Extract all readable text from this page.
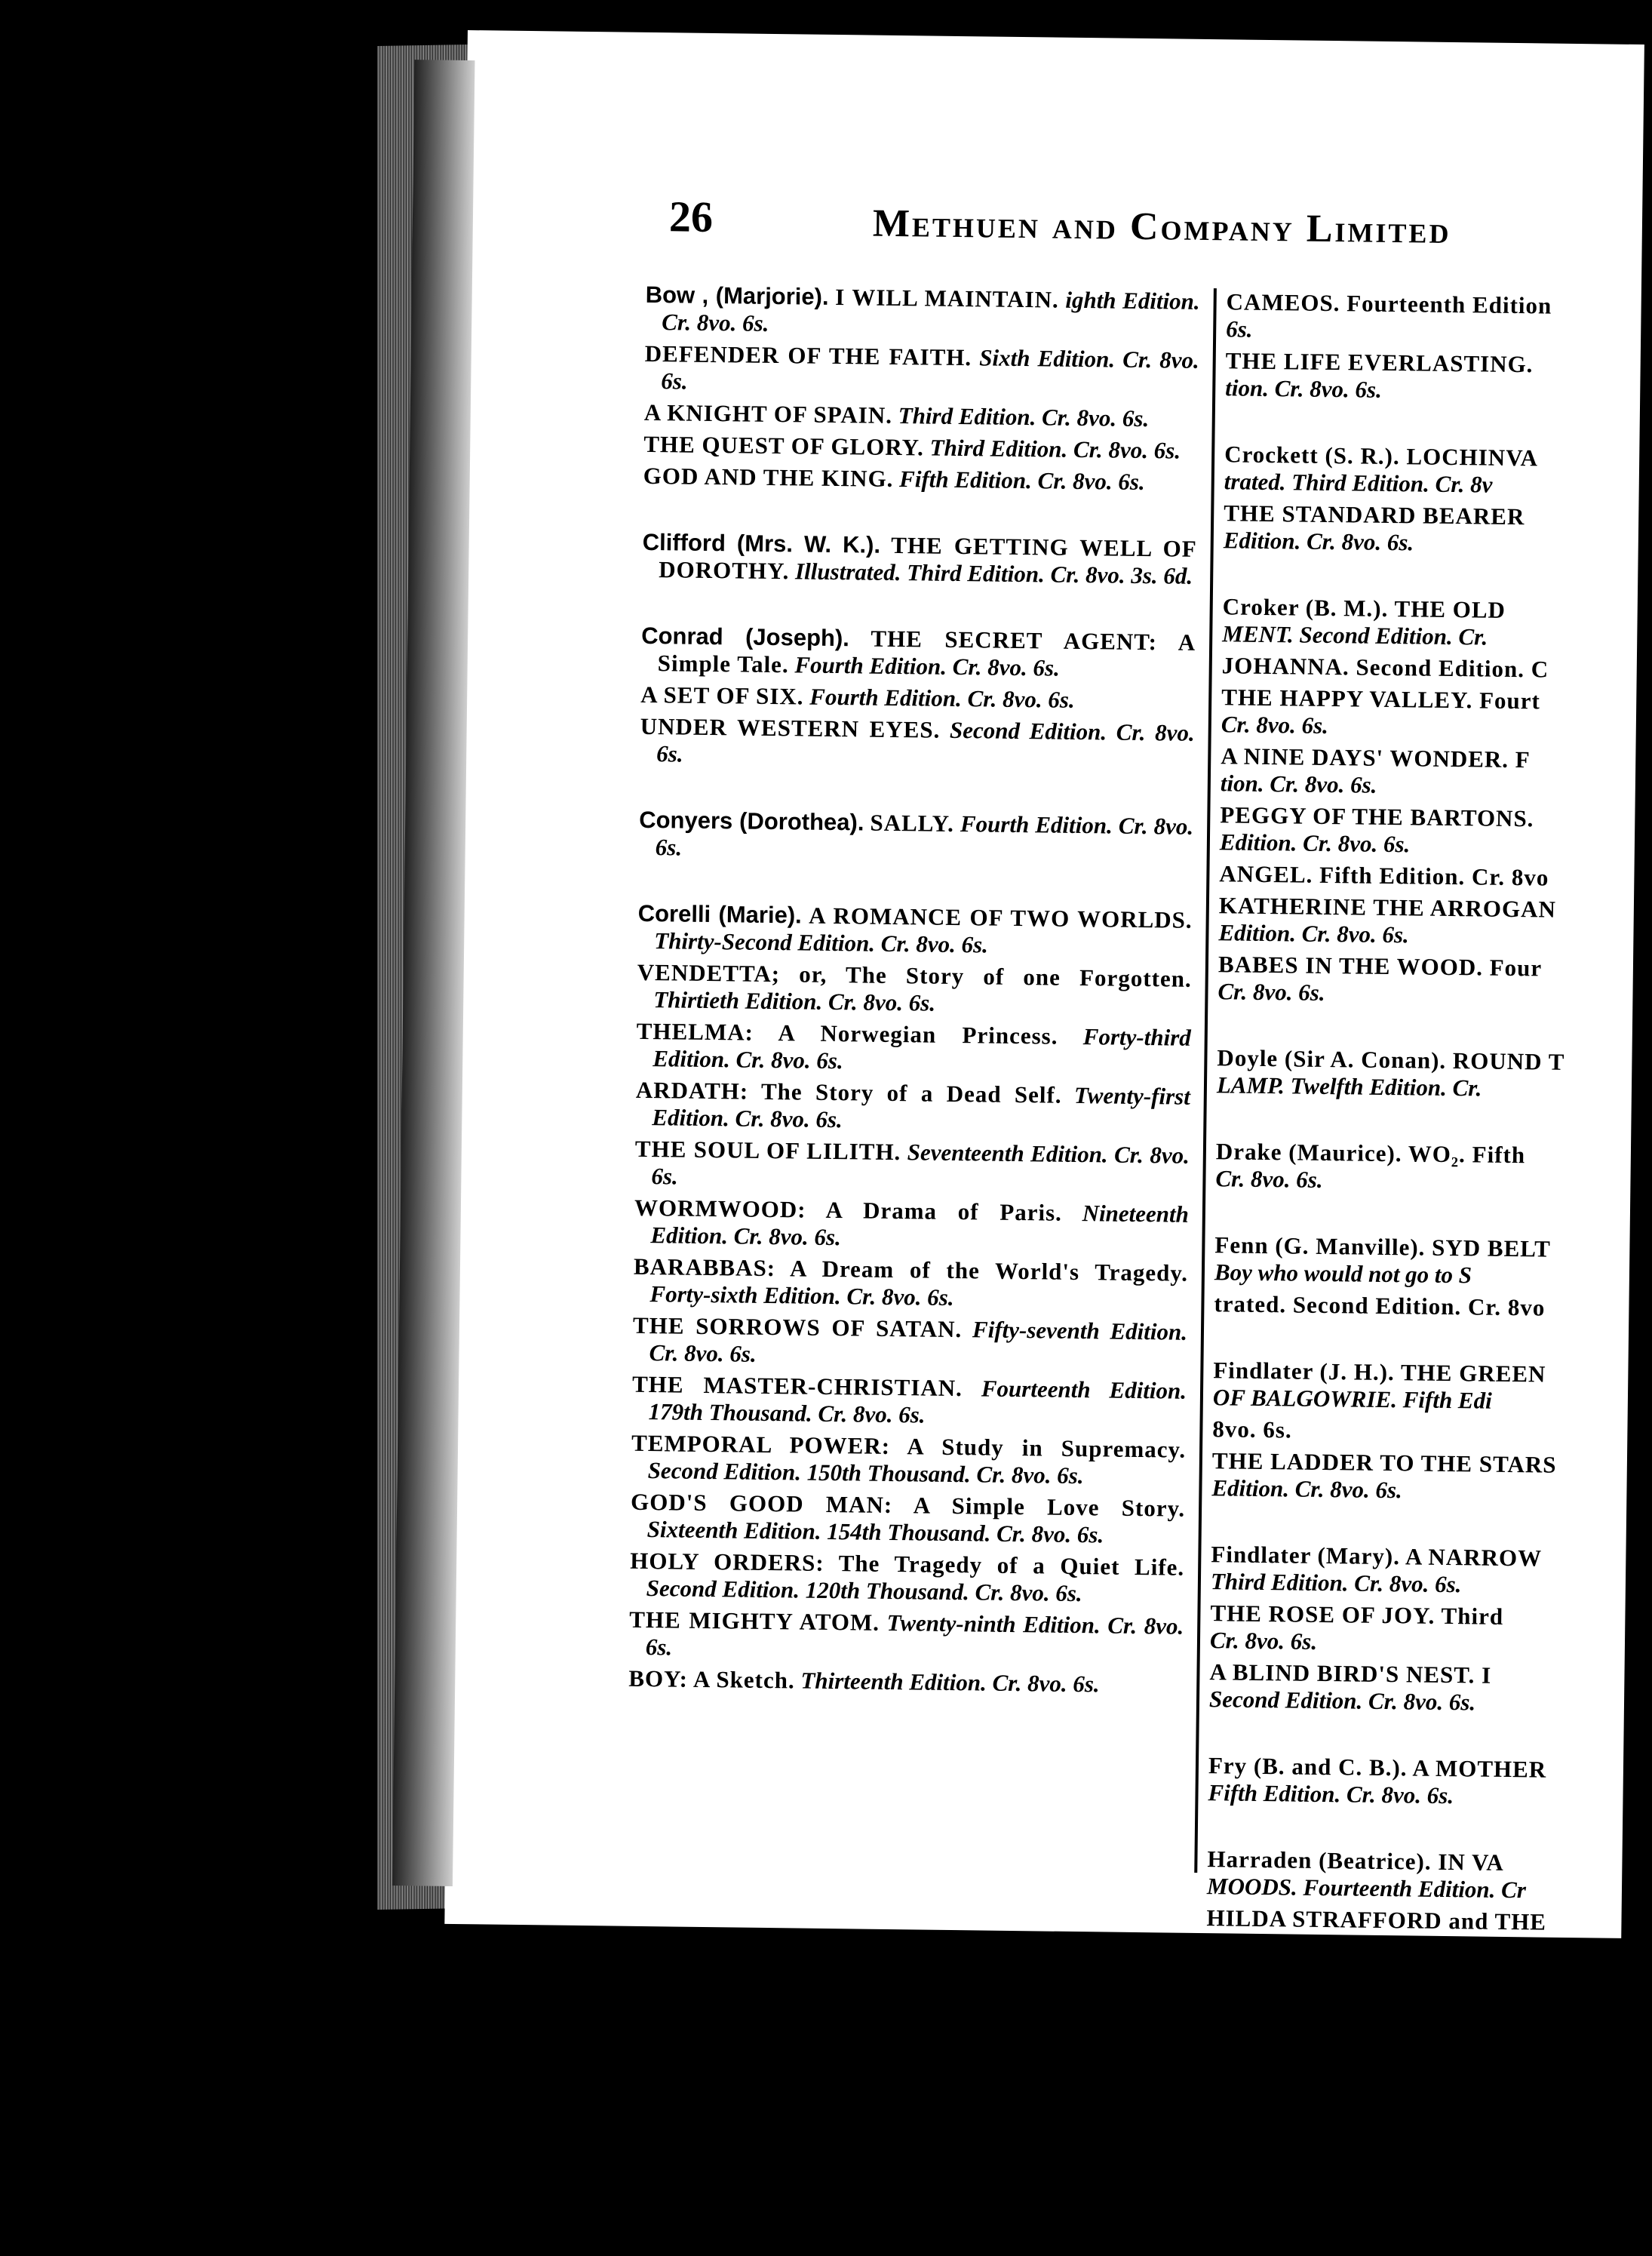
26	Methuen and Company Limited

Bow , (Marjorie). I WILL MAINTAIN. ighth Edition. Cr. 8vo. 6s.

DEFENDER OF THE FAITH. Sixth Edition. Cr. 8vo. 6s.

A KNIGHT OF SPAIN. Third Edition. Cr. 8vo. 6s.

THE QUEST OF GLORY. Third Edition. Cr. 8vo. 6s.

GOD AND THE KING. Fifth Edition. Cr. 8vo. 6s.

Clifford (Mrs. W. K.). THE GETTING WELL OF DOROTHY. Illustrated. Third Edition. Cr. 8vo. 3s. 6d.

Conrad (Joseph). THE SECRET AGENT: A Simple Tale. Fourth Edition. Cr. 8vo. 6s.

A SET OF SIX. Fourth Edition. Cr. 8vo. 6s.

UNDER WESTERN EYES. Second Edition. Cr. 8vo. 6s.

Conyers (Dorothea). SALLY. Fourth Edition. Cr. 8vo. 6s.

Corelli (Marie). A ROMANCE OF TWO WORLDS. Thirty-Second Edition. Cr. 8vo. 6s.

VENDETTA; or, The Story of one Forgotten. Thirtieth Edition. Cr. 8vo. 6s.

THELMA: A Norwegian Princess. Forty-third Edition. Cr. 8vo. 6s.

ARDATH: The Story of a Dead Self. Twenty-first Edition. Cr. 8vo. 6s.

THE SOUL OF LILITH. Seventeenth Edition. Cr. 8vo. 6s.

WORMWOOD: A Drama of Paris. Nineteenth Edition. Cr. 8vo. 6s.

BARABBAS: A Dream of the World's Tragedy. Forty-sixth Edition. Cr. 8vo. 6s.

THE SORROWS OF SATAN. Fifty-seventh Edition. Cr. 8vo. 6s.

THE MASTER-CHRISTIAN. Fourteenth Edition. 179th Thousand. Cr. 8vo. 6s.

TEMPORAL POWER: A Study in Supremacy. Second Edition. 150th Thousand. Cr. 8vo. 6s.

GOD'S GOOD MAN: A Simple Love Story. Sixteenth Edition. 154th Thousand. Cr. 8vo. 6s.

HOLY ORDERS: The Tragedy of a Quiet Life. Second Edition. 120th Thousand. Cr. 8vo. 6s.

THE MIGHTY ATOM. Twenty-ninth Edition. Cr. 8vo. 6s.

BOY: A Sketch. Thirteenth Edition. Cr. 8vo. 6s.

CAMEOS. Fourteenth Edition
6s.

THE LIFE EVERLASTING.
tion. Cr. 8vo. 6s.

Crockett (S. R.). LOCHINVA
trated. Third Edition. Cr. 8v

THE STANDARD BEARER
Edition. Cr. 8vo. 6s.

Croker (B. M.). THE OLD
MENT. Second Edition. Cr.

JOHANNA. Second Edition. C

THE HAPPY VALLEY. Fourt
Cr. 8vo. 6s.

A NINE DAYS' WONDER. F
tion. Cr. 8vo. 6s.

PEGGY OF THE BARTONS.
Edition. Cr. 8vo. 6s.

ANGEL. Fifth Edition. Cr. 8vo

KATHERINE THE ARROGAN
Edition. Cr. 8vo. 6s.

BABES IN THE WOOD. Four
Cr. 8vo. 6s.

Doyle (Sir A. Conan). ROUND T
LAMP. Twelfth Edition. Cr.

Drake (Maurice). WO₂. Fifth
Cr. 8vo. 6s.

Fenn (G. Manville). SYD BELT
Boy who would not go to S

trated. Second Edition. Cr. 8vo

Findlater (J. H.). THE GREEN
OF BALGOWRIE. Fifth Edi

8vo. 6s.

THE LADDER TO THE STARS
Edition. Cr. 8vo. 6s.

Findlater (Mary). A NARROW
Third Edition. Cr. 8vo. 6s.

THE ROSE OF JOY. Third
Cr. 8vo. 6s.

A BLIND BIRD'S NEST. I
Second Edition. Cr. 8vo. 6s.

Fry (B. and C. B.). A MOTHER
Fifth Edition. Cr. 8vo. 6s.

Harraden (Beatrice). IN VA
MOODS. Fourteenth Edition. Cr

HILDA STRAFFORD and THE
TANCE MAN. Twelfth Editi

8vo. 6s.

INTERPLAY. Fifth Edition. Cr

Hauptmann (Gerhart). THE F
CHRIST. Cr. 8vo. 6s.
